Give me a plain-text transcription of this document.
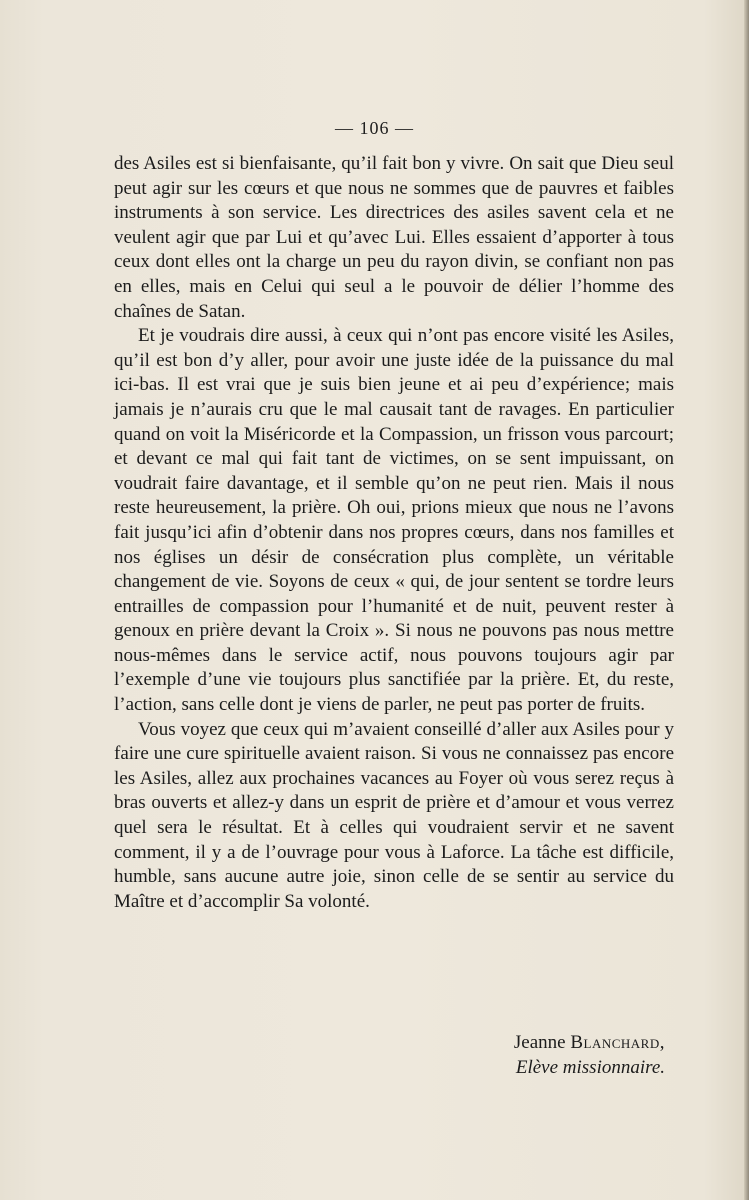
— 106 —

des Asiles est si bienfaisante, qu’il fait bon y vivre. On sait que Dieu seul peut agir sur les cœurs et que nous ne sommes que de pauvres et faibles instruments à son service. Les directrices des asiles savent cela et ne veulent agir que par Lui et qu’avec Lui. Elles essaient d’apporter à tous ceux dont elles ont la charge un peu du rayon divin, se confiant non pas en elles, mais en Celui qui seul a le pouvoir de délier l’homme des chaînes de Satan.

Et je voudrais dire aussi, à ceux qui n’ont pas encore visité les Asiles, qu’il est bon d’y aller, pour avoir une juste idée de la puissance du mal ici-bas. Il est vrai que je suis bien jeune et ai peu d’expérience; mais jamais je n’aurais cru que le mal causait tant de ravages. En particulier quand on voit la Miséricorde et la Compassion, un frisson vous parcourt; et devant ce mal qui fait tant de victimes, on se sent impuissant, on voudrait faire davantage, et il semble qu’on ne peut rien. Mais il nous reste heureusement, la prière. Oh oui, prions mieux que nous ne l’avons fait jusqu’ici afin d’obtenir dans nos propres cœurs, dans nos familles et nos églises un désir de consécration plus complète, un véritable changement de vie. Soyons de ceux « qui, de jour sentent se tordre leurs entrailles de compassion pour l’humanité et de nuit, peuvent rester à genoux en prière devant la Croix ». Si nous ne pouvons pas nous mettre nous-mêmes dans le service actif, nous pouvons toujours agir par l’exemple d’une vie toujours plus sanctifiée par la prière. Et, du reste, l’action, sans celle dont je viens de parler, ne peut pas porter de fruits.

Vous voyez que ceux qui m’avaient conseillé d’aller aux Asiles pour y faire une cure spirituelle avaient raison. Si vous ne connaissez pas encore les Asiles, allez aux prochaines vacances au Foyer où vous serez reçus à bras ouverts et allez-y dans un esprit de prière et d’amour et vous verrez quel sera le résultat. Et à celles qui voudraient servir et ne savent comment, il y a de l’ouvrage pour vous à Laforce. La tâche est difficile, humble, sans aucune autre joie, sinon celle de se sentir au service du Maître et d’accomplir Sa volonté.

Jeanne Blanchard,
Elève missionnaire.
